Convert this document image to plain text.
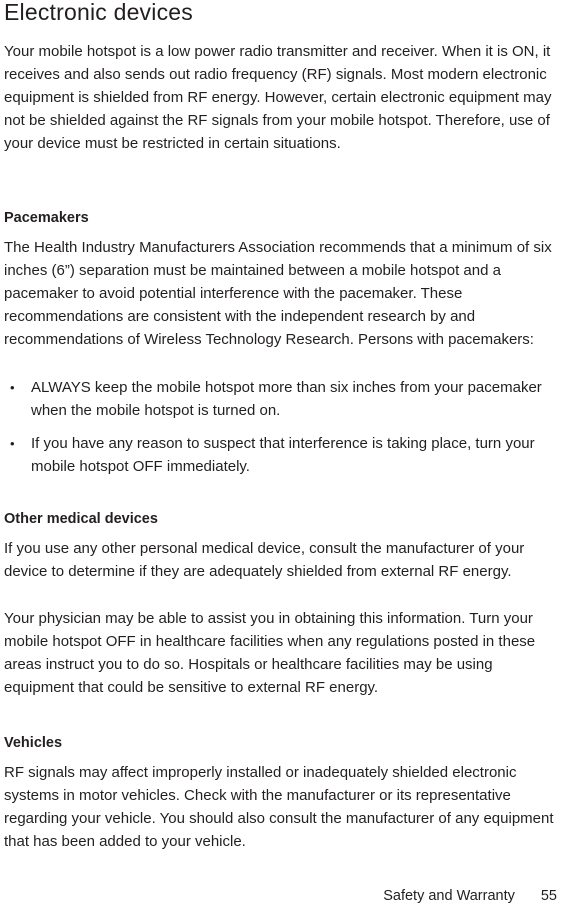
Electronic devices

Your mobile hotspot is a low power radio transmitter and receiver. When it is ON, it receives and also sends out radio frequency (RF) signals. Most modern electronic equipment is shielded from RF energy. However, certain electronic equipment may not be shielded against the RF signals from your mobile hotspot. Therefore, use of your device must be restricted in certain situations.

Pacemakers

The Health Industry Manufacturers Association recommends that a minimum of six inches (6”) separation must be maintained between a mobile hotspot and a pacemaker to avoid potential interference with the pacemaker. These recommendations are consistent with the independent research by and recommendations of Wireless Technology Research. Persons with pacemakers:

• ALWAYS keep the mobile hotspot more than six inches from your pacemaker when the mobile hotspot is turned on.
• If you have any reason to suspect that interference is taking place, turn your mobile hotspot OFF immediately.
Other medical devices

If you use any other personal medical device, consult the manufacturer of your device to determine if they are adequately shielded from external RF energy.

Your physician may be able to assist you in obtaining this information. Turn your mobile hotspot OFF in healthcare facilities when any regulations posted in these areas instruct you to do so. Hospitals or healthcare facilities may be using equipment that could be sensitive to external RF energy.

Vehicles

RF signals may affect improperly installed or inadequately shielded electronic systems in motor vehicles. Check with the manufacturer or its representative regarding your vehicle. You should also consult the manufacturer of any equipment that has been added to your vehicle.

Safety and Warranty 55
